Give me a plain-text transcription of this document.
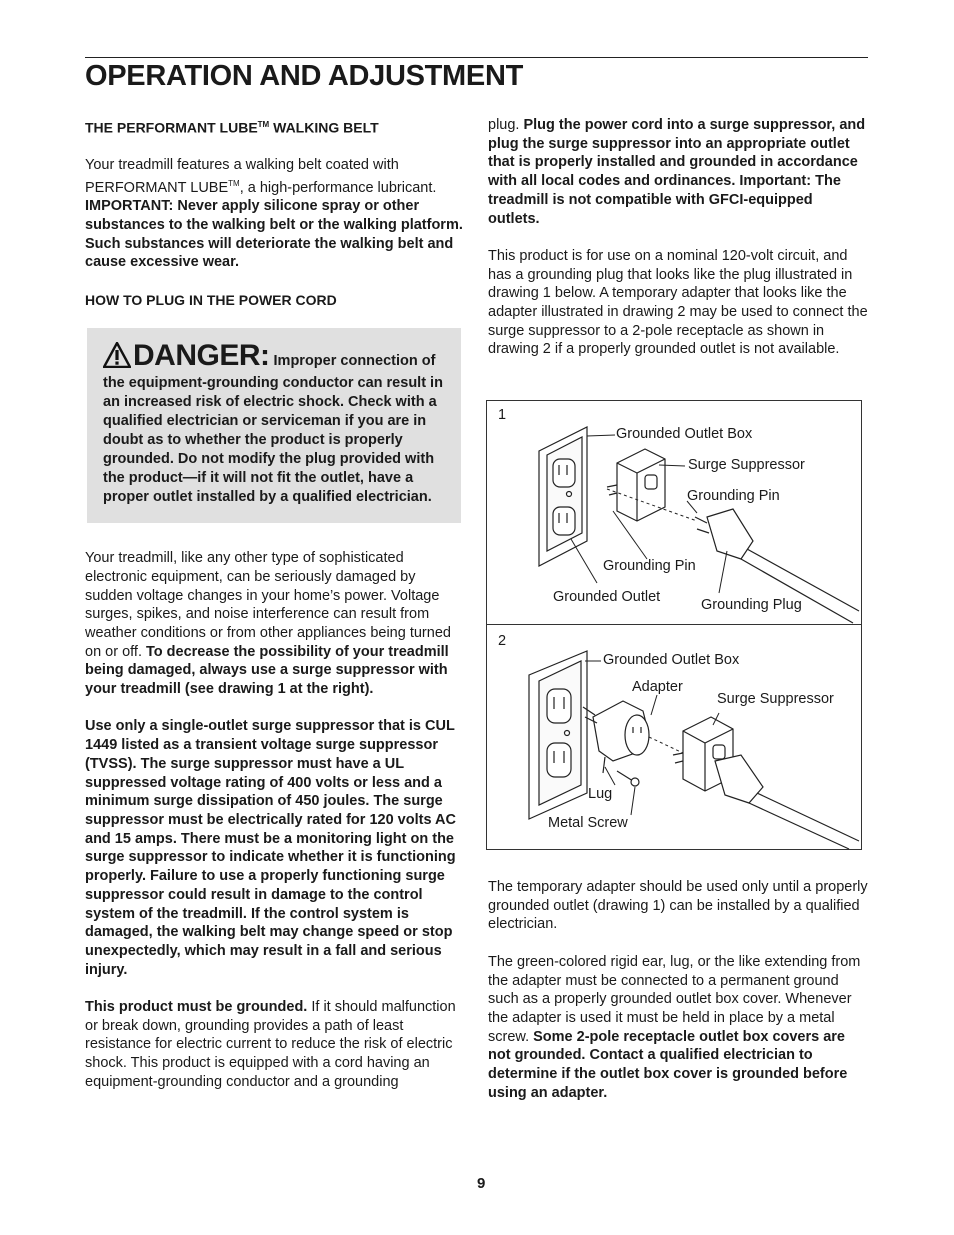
OPERATION AND ADJUSTMENT

THE PERFORMANT LUBE™ WALKING BELT

Your treadmill features a walking belt coated with PERFORMANT LUBE™, a high-performance lubricant. IMPORTANT: Never apply silicone spray or other substances to the walking belt or the walking platform. Such substances will deteriorate the walking belt and cause excessive wear.

HOW TO PLUG IN THE POWER CORD

DANGER: Improper connection of the equipment-grounding conductor can result in an increased risk of electric shock. Check with a qualified electrician or serviceman if you are in doubt as to whether the product is properly grounded. Do not modify the plug provided with the product—if it will not fit the outlet, have a proper outlet installed by a qualified electrician.

Your treadmill, like any other type of sophisticated electronic equipment, can be seriously damaged by sudden voltage changes in your home’s power. Voltage surges, spikes, and noise interference can result from weather conditions or from other appliances being turned on or off. To decrease the possibility of your treadmill being damaged, always use a surge suppressor with your treadmill (see drawing 1 at the right).

Use only a single-outlet surge suppressor that is CUL 1449 listed as a transient voltage surge suppressor (TVSS). The surge suppressor must have a UL suppressed voltage rating of 400 volts or less and a minimum surge dissipation of 450 joules. The surge suppressor must be electrically rated for 120 volts AC and 15 amps. There must be a monitoring light on the surge suppressor to indicate whether it is functioning properly. Failure to use a properly functioning surge suppressor could result in damage to the control system of the treadmill. If the control system is damaged, the walking belt may change speed or stop unexpectedly, which may result in a fall and serious injury.

This product must be grounded. If it should malfunction or break down, grounding provides a path of least resistance for electric current to reduce the risk of electric shock. This product is equipped with a cord having an equipment-grounding conductor and a grounding

plug. Plug the power cord into a surge suppressor, and plug the surge suppressor into an appropriate outlet that is properly installed and grounded in accordance with all local codes and ordinances. Important: The treadmill is not compatible with GFCI-equipped outlets.

This product is for use on a nominal 120-volt circuit, and has a grounding plug that looks like the plug illustrated in drawing 1 below. A temporary adapter that looks like the adapter illustrated in drawing 2 may be used to connect the surge suppressor to a 2-pole receptacle as shown in drawing 2 if a properly grounded outlet is not available.

1
Grounded Outlet Box
Surge Suppressor
Grounding Pin
Grounding Pin
Grounded Outlet	Grounding Plug
2
Grounded Outlet Box
Adapter
Surge Suppressor
Lug
Metal Screw

The temporary adapter should be used only until a properly grounded outlet (drawing 1) can be installed by a qualified electrician.

The green-colored rigid ear, lug, or the like extending from the adapter must be connected to a permanent ground such as a properly grounded outlet box cover. Whenever the adapter is used it must be held in place by a metal screw. Some 2-pole receptacle outlet box covers are not grounded. Contact a qualified electrician to determine if the outlet box cover is grounded before using an adapter.

9
